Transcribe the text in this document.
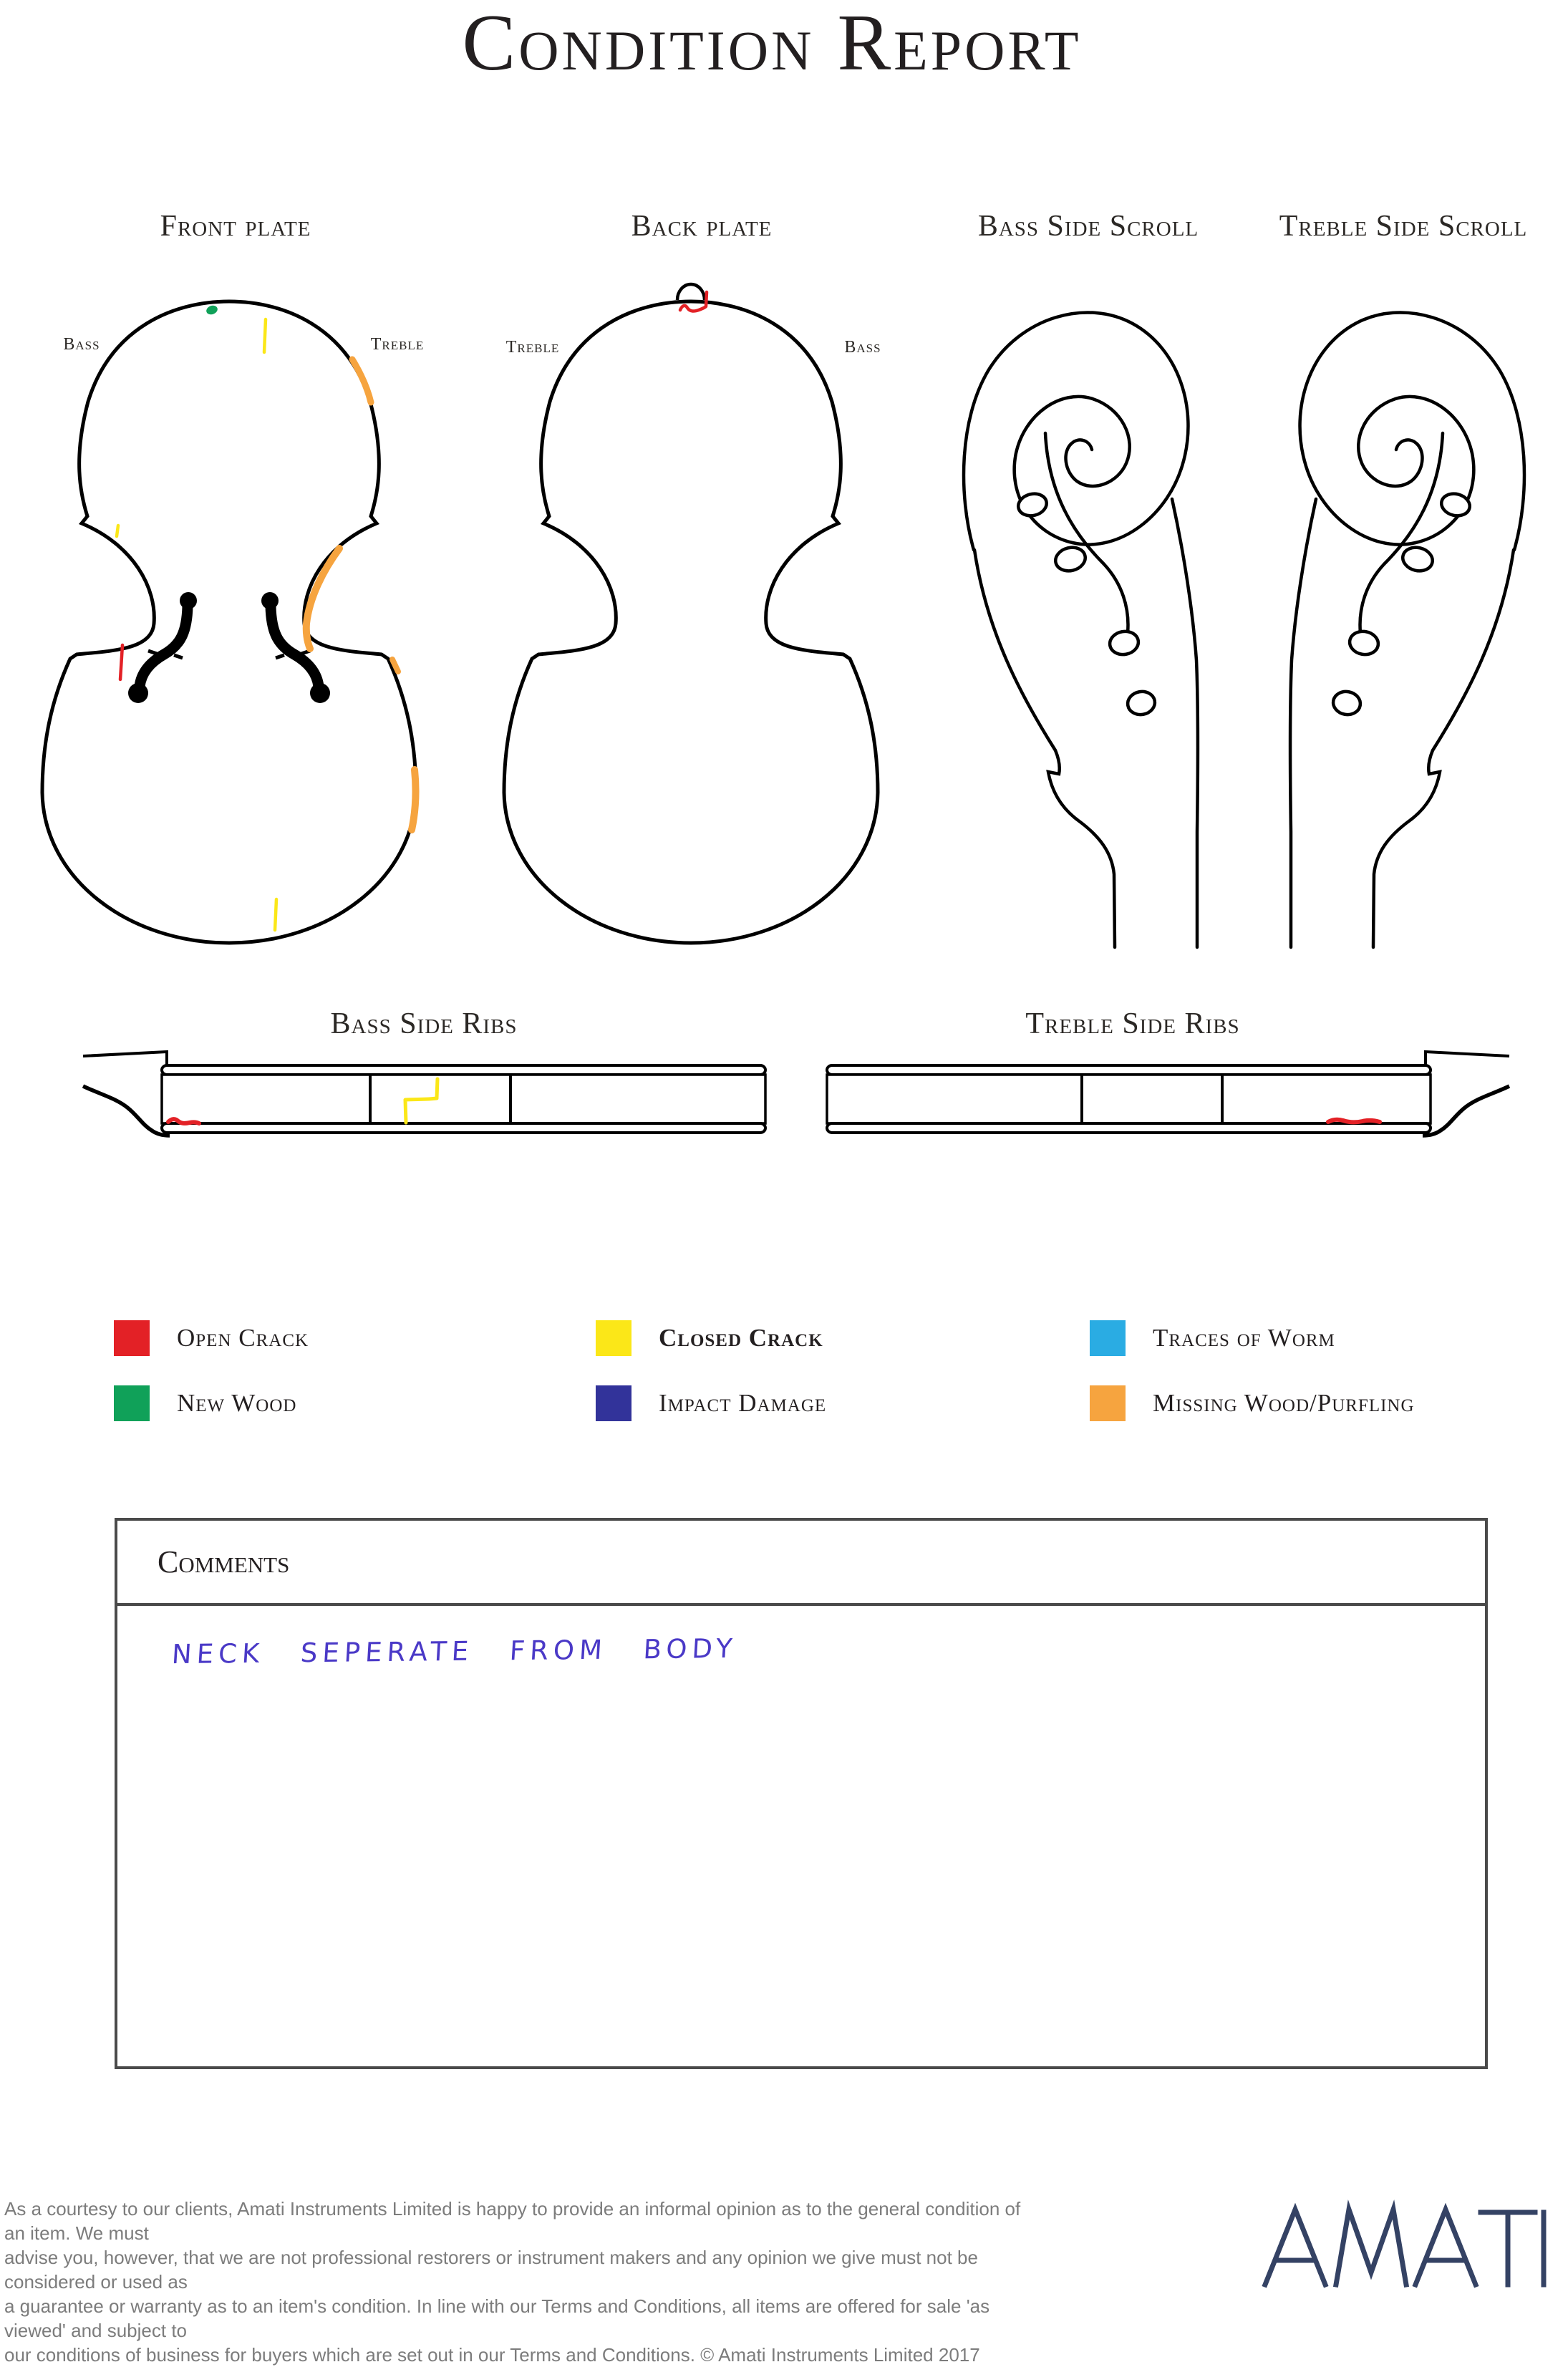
Condition Report
Front plate	Back plate	Bass Side Scroll	Treble Side Scroll
Bass	Treble	Treble	Bass
Bass Side Ribs	Treble Side Ribs
Open Crack	Closed Crack	Traces of Worm
New Wood	Impact Damage	Missing Wood/Purfling
Comments
NECK SEPERATE FROM BODY
As a courtesy to our clients, Amati Instruments Limited is happy to provide an informal opinion as to the general condition of an item. We must
advise you, however, that we are not professional restorers or instrument makers and any opinion we give must not be considered or used as
a guarantee or warranty as to an item's condition. In line with our Terms and Conditions, all items are offered for sale 'as viewed' and subject to
our conditions of business for buyers which are set out in our Terms and Conditions. © Amati Instruments Limited 2017
